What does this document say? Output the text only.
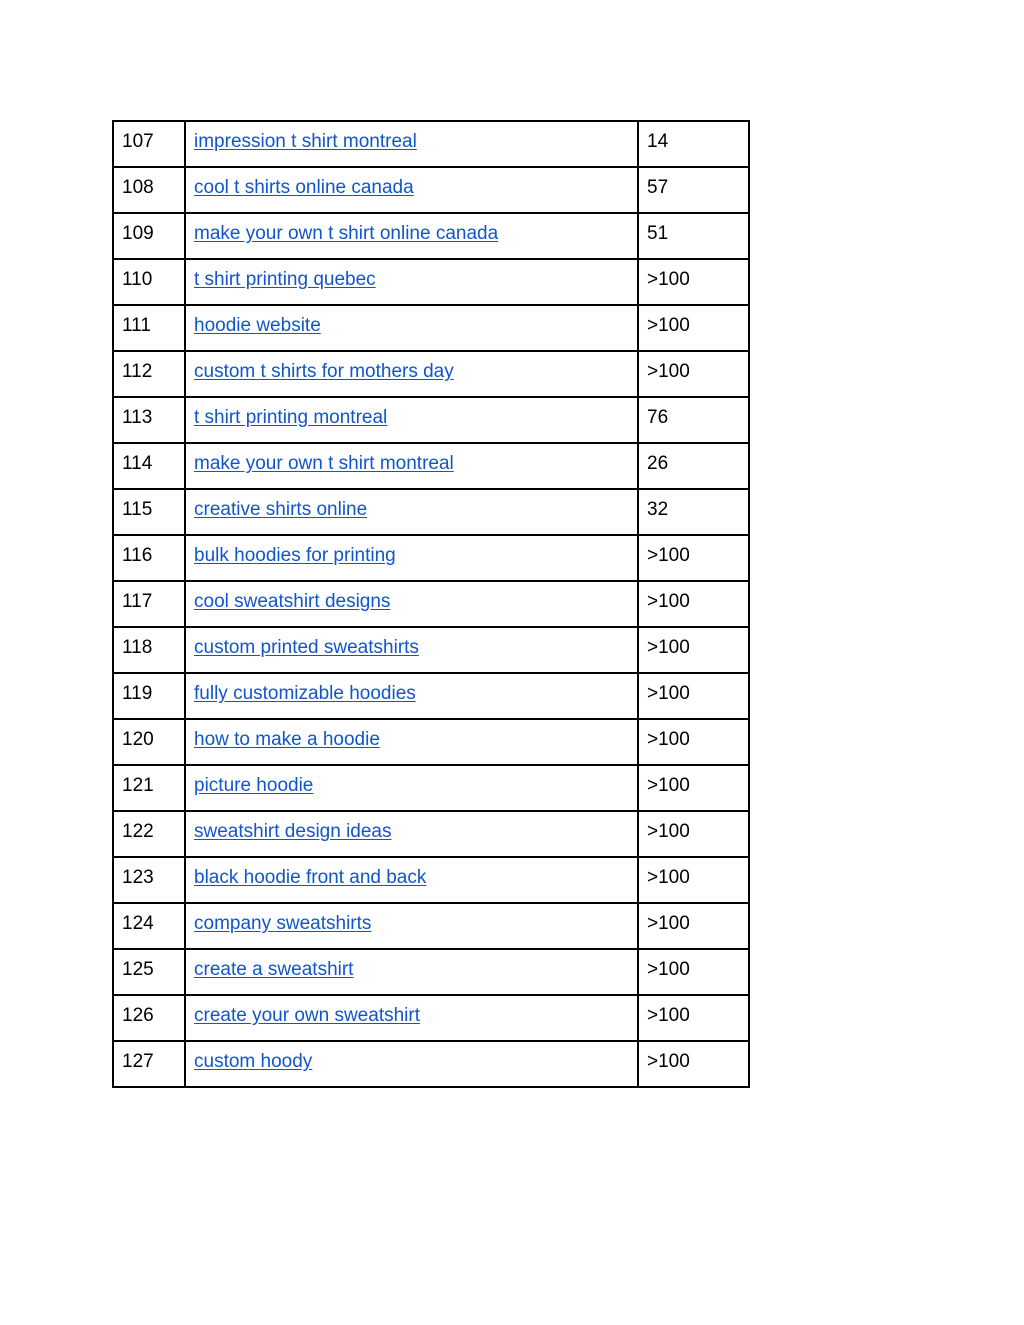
107	impression t shirt montreal	14
108	cool t shirts online canada	57
109	make your own t shirt online canada	51
110	t shirt printing quebec	>100
111	hoodie website	>100
112	custom t shirts for mothers day	>100
113	t shirt printing montreal	76
114	make your own t shirt montreal	26
115	creative shirts online	32
116	bulk hoodies for printing	>100
117	cool sweatshirt designs	>100
118	custom printed sweatshirts	>100
119	fully customizable hoodies	>100
120	how to make a hoodie	>100
121	picture hoodie	>100
122	sweatshirt design ideas	>100
123	black hoodie front and back	>100
124	company sweatshirts	>100
125	create a sweatshirt	>100
126	create your own sweatshirt	>100
127	custom hoody	>100
